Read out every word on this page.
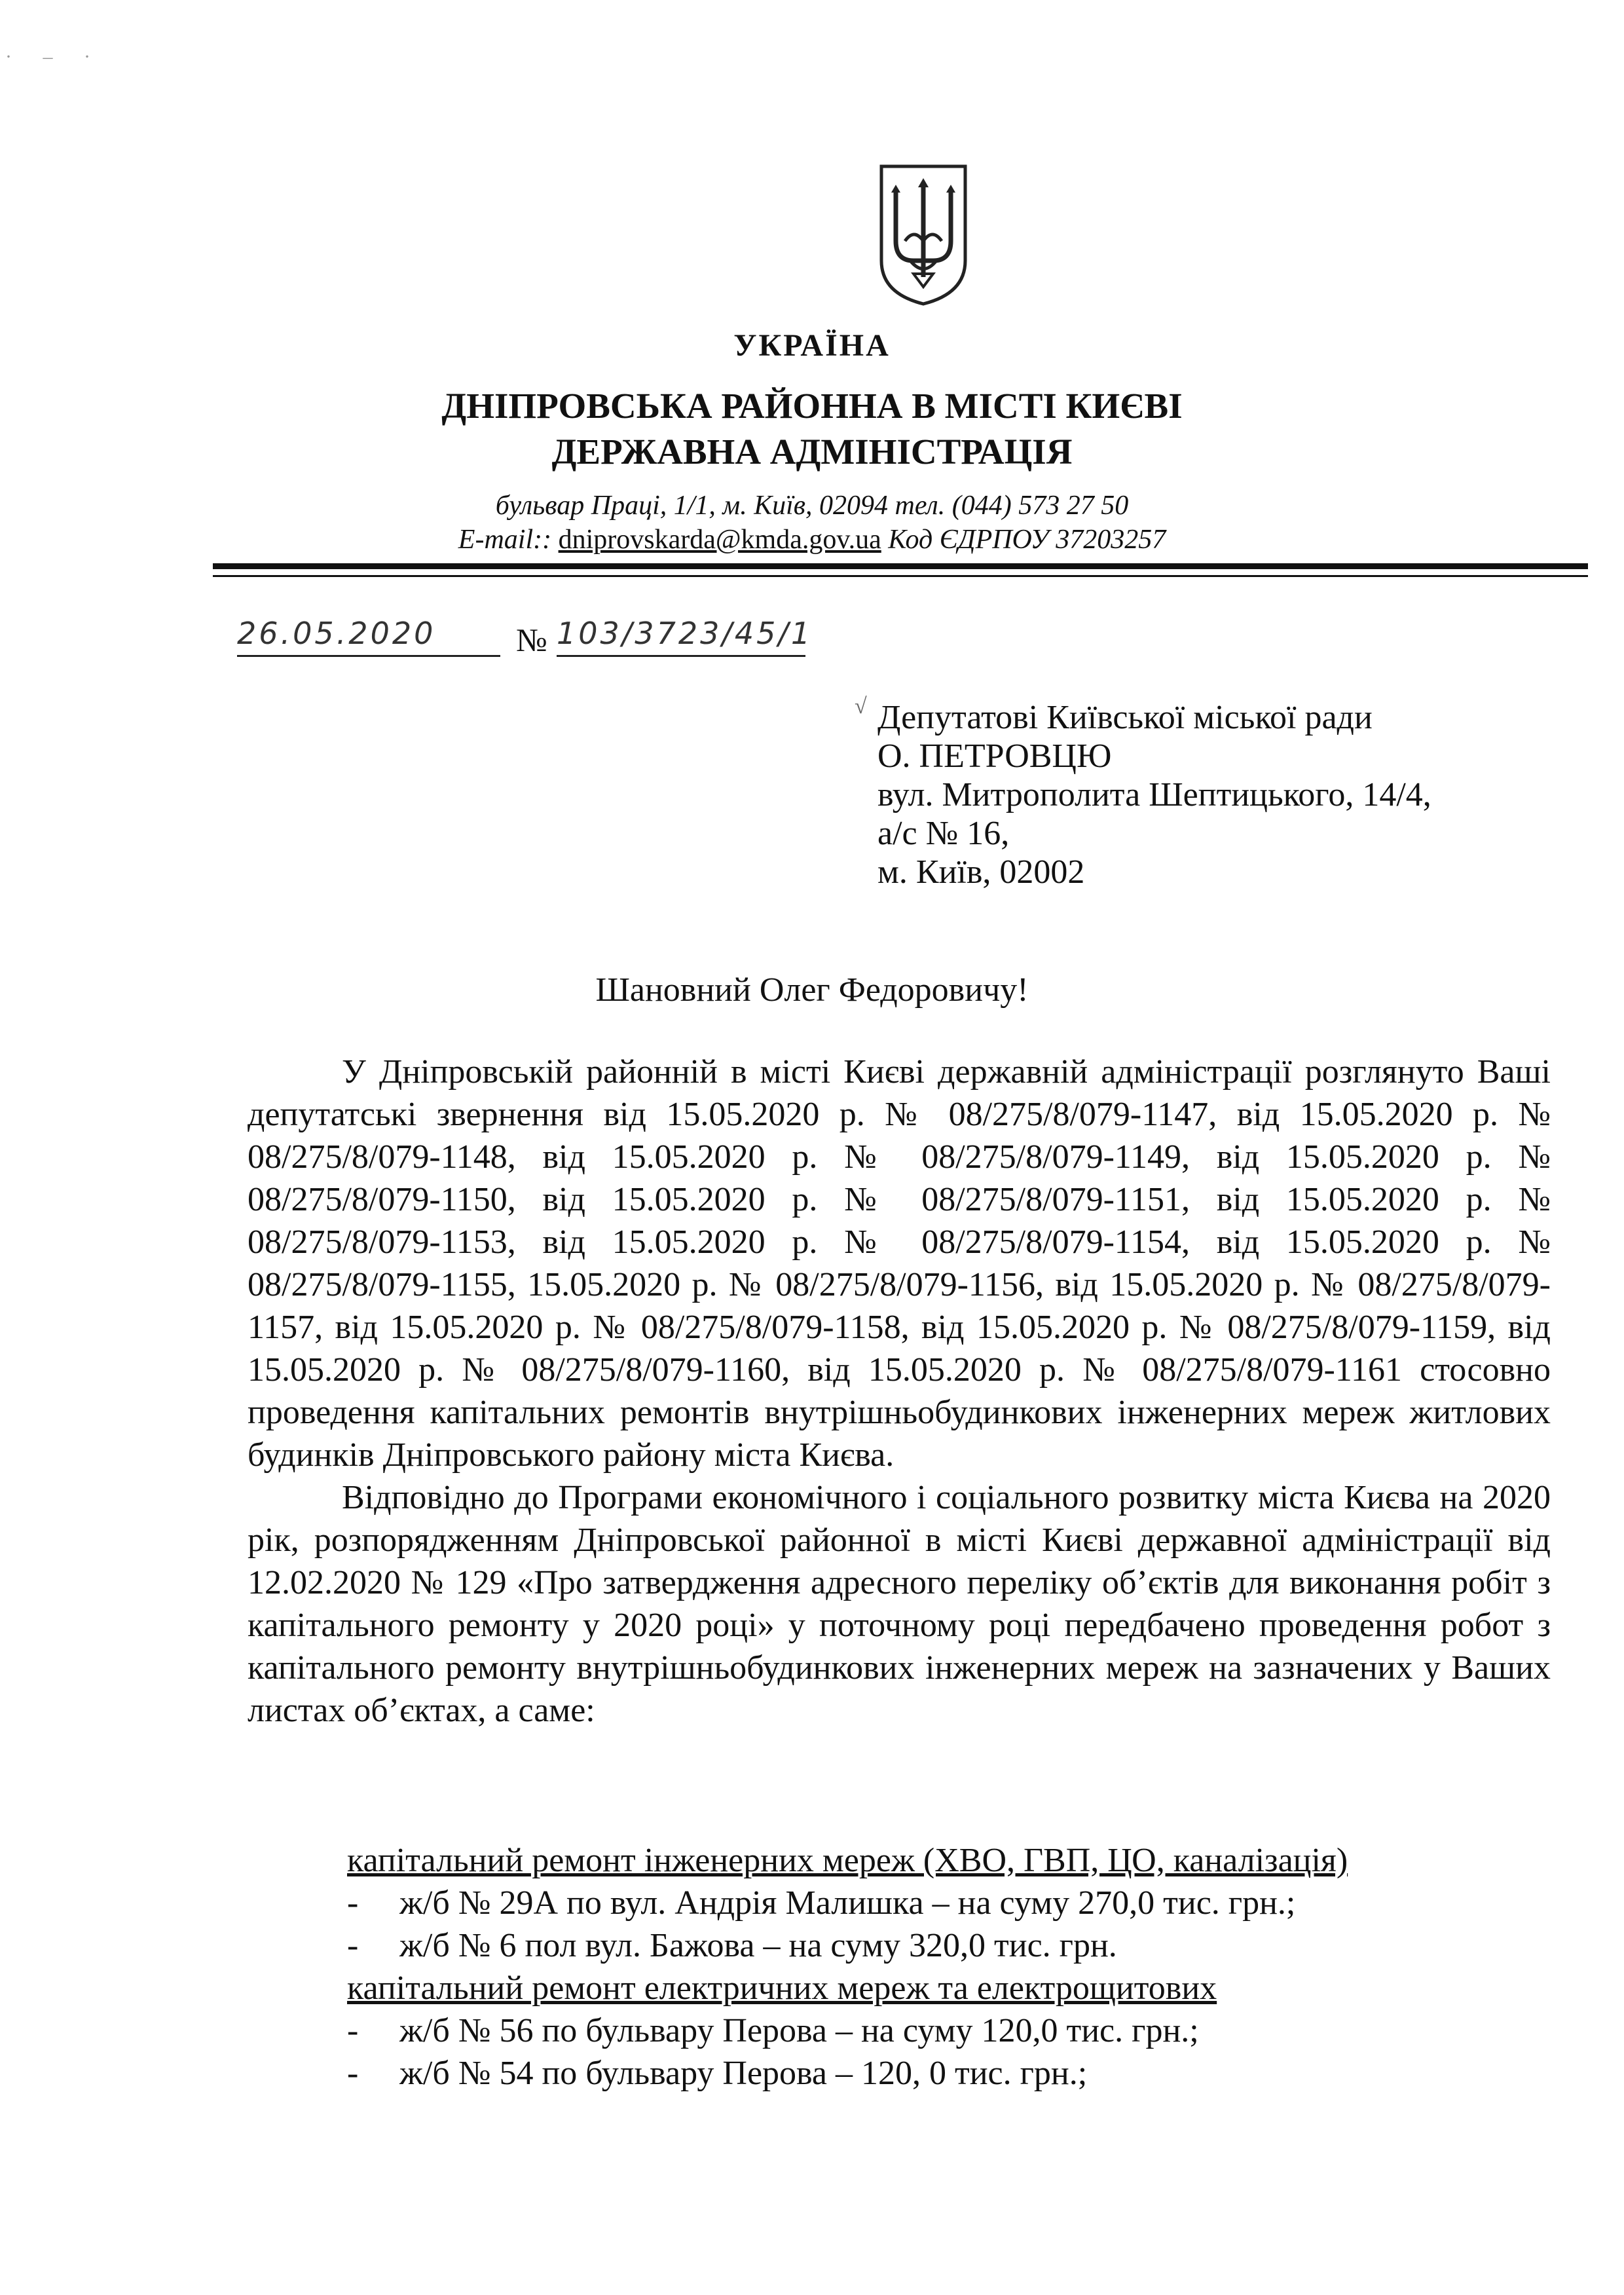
· – ·
УКРАЇНА
ДНІПРОВСЬКА РАЙОННА В МІСТІ КИЄВІ
ДЕРЖАВНА АДМІНІСТРАЦІЯ
бульвар Праці, 1/1, м. Київ, 02094 тел. (044) 573 27 50
E-mail:: dniprovskarda@kmda.gov.ua Код ЄДРПОУ 37203257
26.05.2020	№ 103/3723/45/1
√ Депутатові Київської міської ради
О. ПЕТРОВЦЮ
вул. Митрополита Шептицького, 14/4,
а/с № 16,
м. Київ, 02002
Шановний Олег Федоровичу!

У Дніпровській районній в місті Києві державній адміністрації розглянуто Ваші депутатські звернення від 15.05.2020 р. № 08/275/8/079-1147, від 15.05.2020 р. № 08/275/8/079-1148, від 15.05.2020 р. № 08/275/8/079-1149, від 15.05.2020 р. № 08/275/8/079-1150, від 15.05.2020 р. № 08/275/8/079-1151, від 15.05.2020 р. № 08/275/8/079-1153, від 15.05.2020 р. № 08/275/8/079-1154, від 15.05.2020 р. № 08/275/8/079-1155, 15.05.2020 р. № 08/275/8/079-1156, від 15.05.2020 р. № 08/275/8/079-1157, від 15.05.2020 р. № 08/275/8/079-1158, від 15.05.2020 р. № 08/275/8/079-1159, від 15.05.2020 р. № 08/275/8/079-1160, від 15.05.2020 р. № 08/275/8/079-1161 стосовно проведення капітальних ремонтів внутрішньобудинкових інженерних мереж житлових будинків Дніпровського району міста Києва.

Відповідно до Програми економічного і соціального розвитку міста Києва на 2020 рік, розпорядженням Дніпровської районної в місті Києві державної адміністрації від 12.02.2020 № 129 «Про затвердження адресного переліку об’єктів для виконання робіт з капітального ремонту у 2020 році» у поточному році передбачено проведення робот з капітального ремонту внутрішньобудинкових інженерних мереж на зазначених у Ваших листах об’єктах, а саме:

капітальний ремонт інженерних мереж (ХВО, ГВП, ЦО, каналізація)
- ж/б № 29А по вул. Андрія Малишка – на суму 270,0 тис. грн.;
- ж/б № 6 пол вул. Бажова – на суму 320,0 тис. грн.
капітальний ремонт електричних мереж та електрощитових
- ж/б № 56 по бульвару Перова – на суму 120,0 тис. грн.;
- ж/б № 54 по бульвару Перова – 120, 0 тис. грн.;
